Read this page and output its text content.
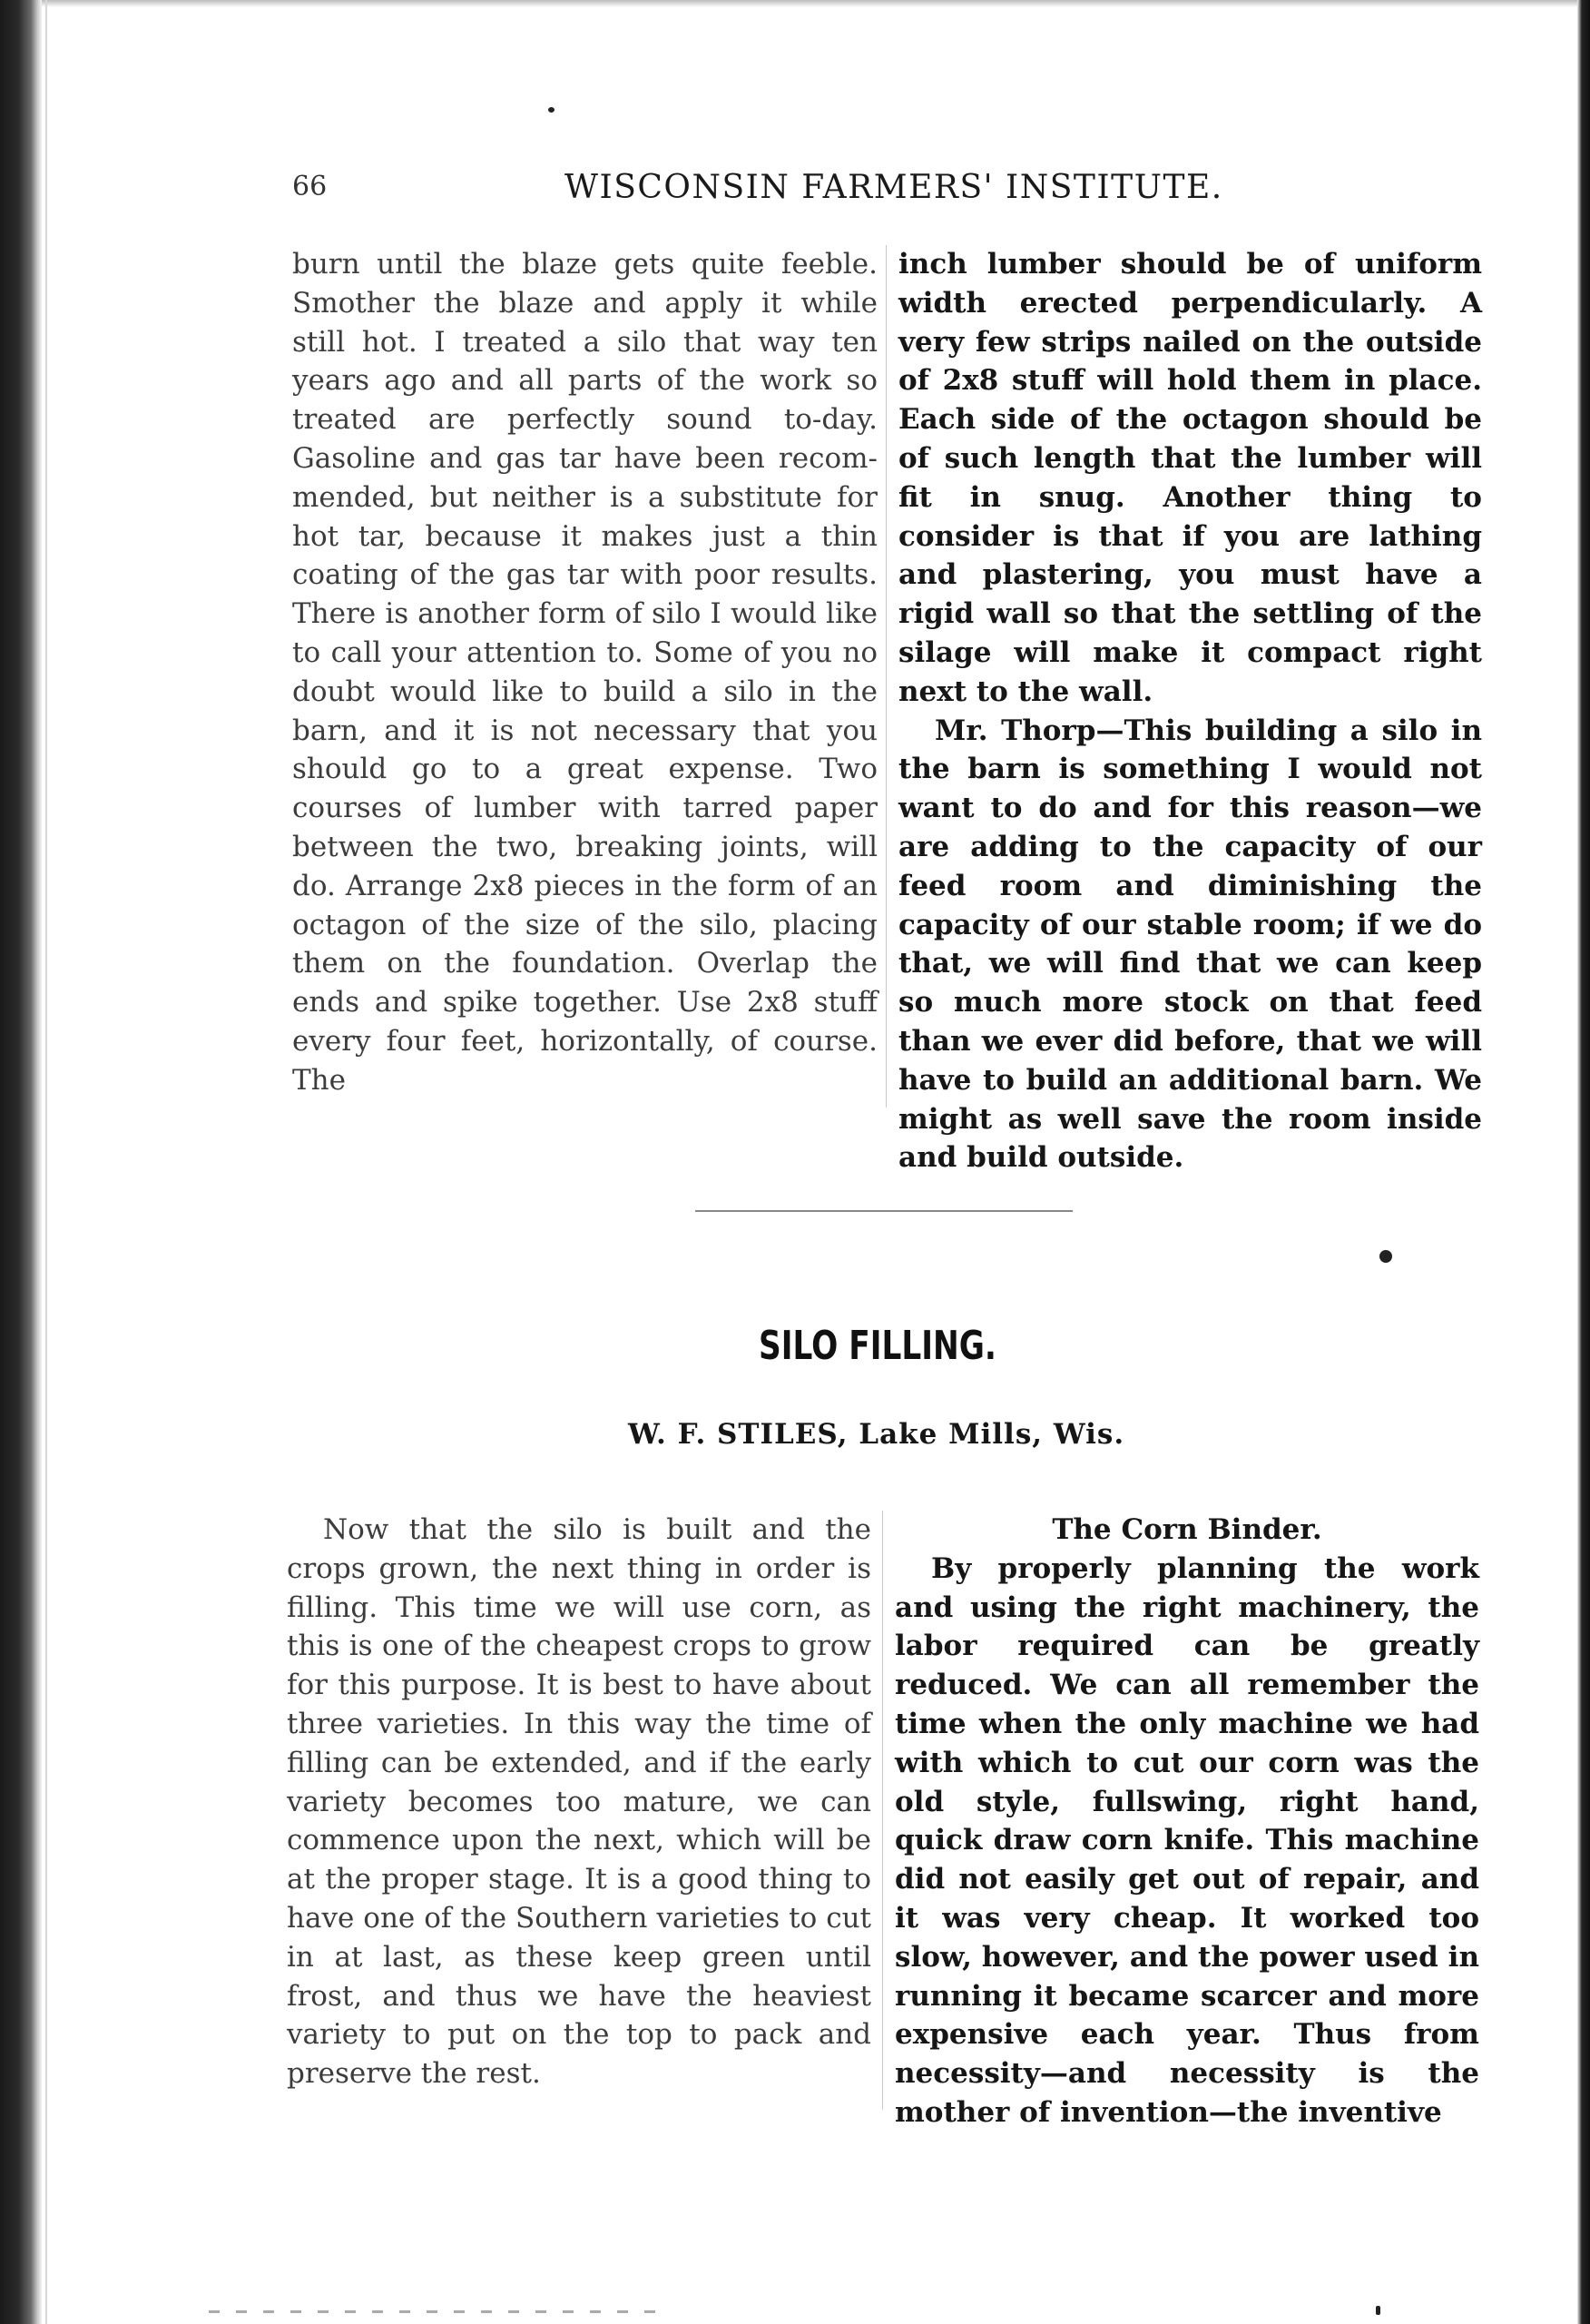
66	WISCONSIN FARMERS' INSTITUTE.

burn until the blaze gets quite feeble. Smother the blaze and apply it while still hot. I treated a silo that way ten years ago and all parts of the work so treated are perfectly sound to-day. Gasoline and gas tar have been recommended, but neither is a substitute for hot tar, because it makes just a thin coating of the gas tar with poor results. There is another form of silo I would like to call your attention to. Some of you no doubt would like to build a silo in the barn, and it is not necessary that you should go to a great expense. Two courses of lumber with tarred paper between the two, breaking joints, will do. Arrange 2x8 pieces in the form of an octagon of the size of the silo, placing them on the foundation. Overlap the ends and spike together. Use 2x8 stuff every four feet, horizontally, of course. The

inch lumber should be of uniform width erected perpendicularly. A very few strips nailed on the outside of 2x8 stuff will hold them in place. Each side of the octagon should be of such length that the lumber will fit in snug. Another thing to consider is that if you are lathing and plastering, you must have a rigid wall so that the settling of the silage will make it compact right next to the wall.

Mr. Thorp—This building a silo in the barn is something I would not want to do and for this reason—we are adding to the capacity of our feed room and diminishing the capacity of our stable room; if we do that, we will find that we can keep so much more stock on that feed than we ever did before, that we will have to build an additional barn. We might as well save the room inside and build outside.

SILO FILLING.
W. F. STILES, Lake Mills, Wis.

Now that the silo is built and the crops grown, the next thing in order is filling. This time we will use corn, as this is one of the cheapest crops to grow for this purpose. It is best to have about three varieties. In this way the time of filling can be extended, and if the early variety becomes too mature, we can commence upon the next, which will be at the proper stage. It is a good thing to have one of the Southern varieties to cut in at last, as these keep green until frost, and thus we have the heaviest variety to put on the top to pack and preserve the rest.

The Corn Binder.

By properly planning the work and using the right machinery, the labor required can be greatly reduced. We can all remember the time when the only machine we had with which to cut our corn was the old style, fullswing, right hand, quick draw corn knife. This machine did not easily get out of repair, and it was very cheap. It worked too slow, however, and the power used in running it became scarcer and more expensive each year. Thus from necessity—and necessity is the mother of invention—the inventive
